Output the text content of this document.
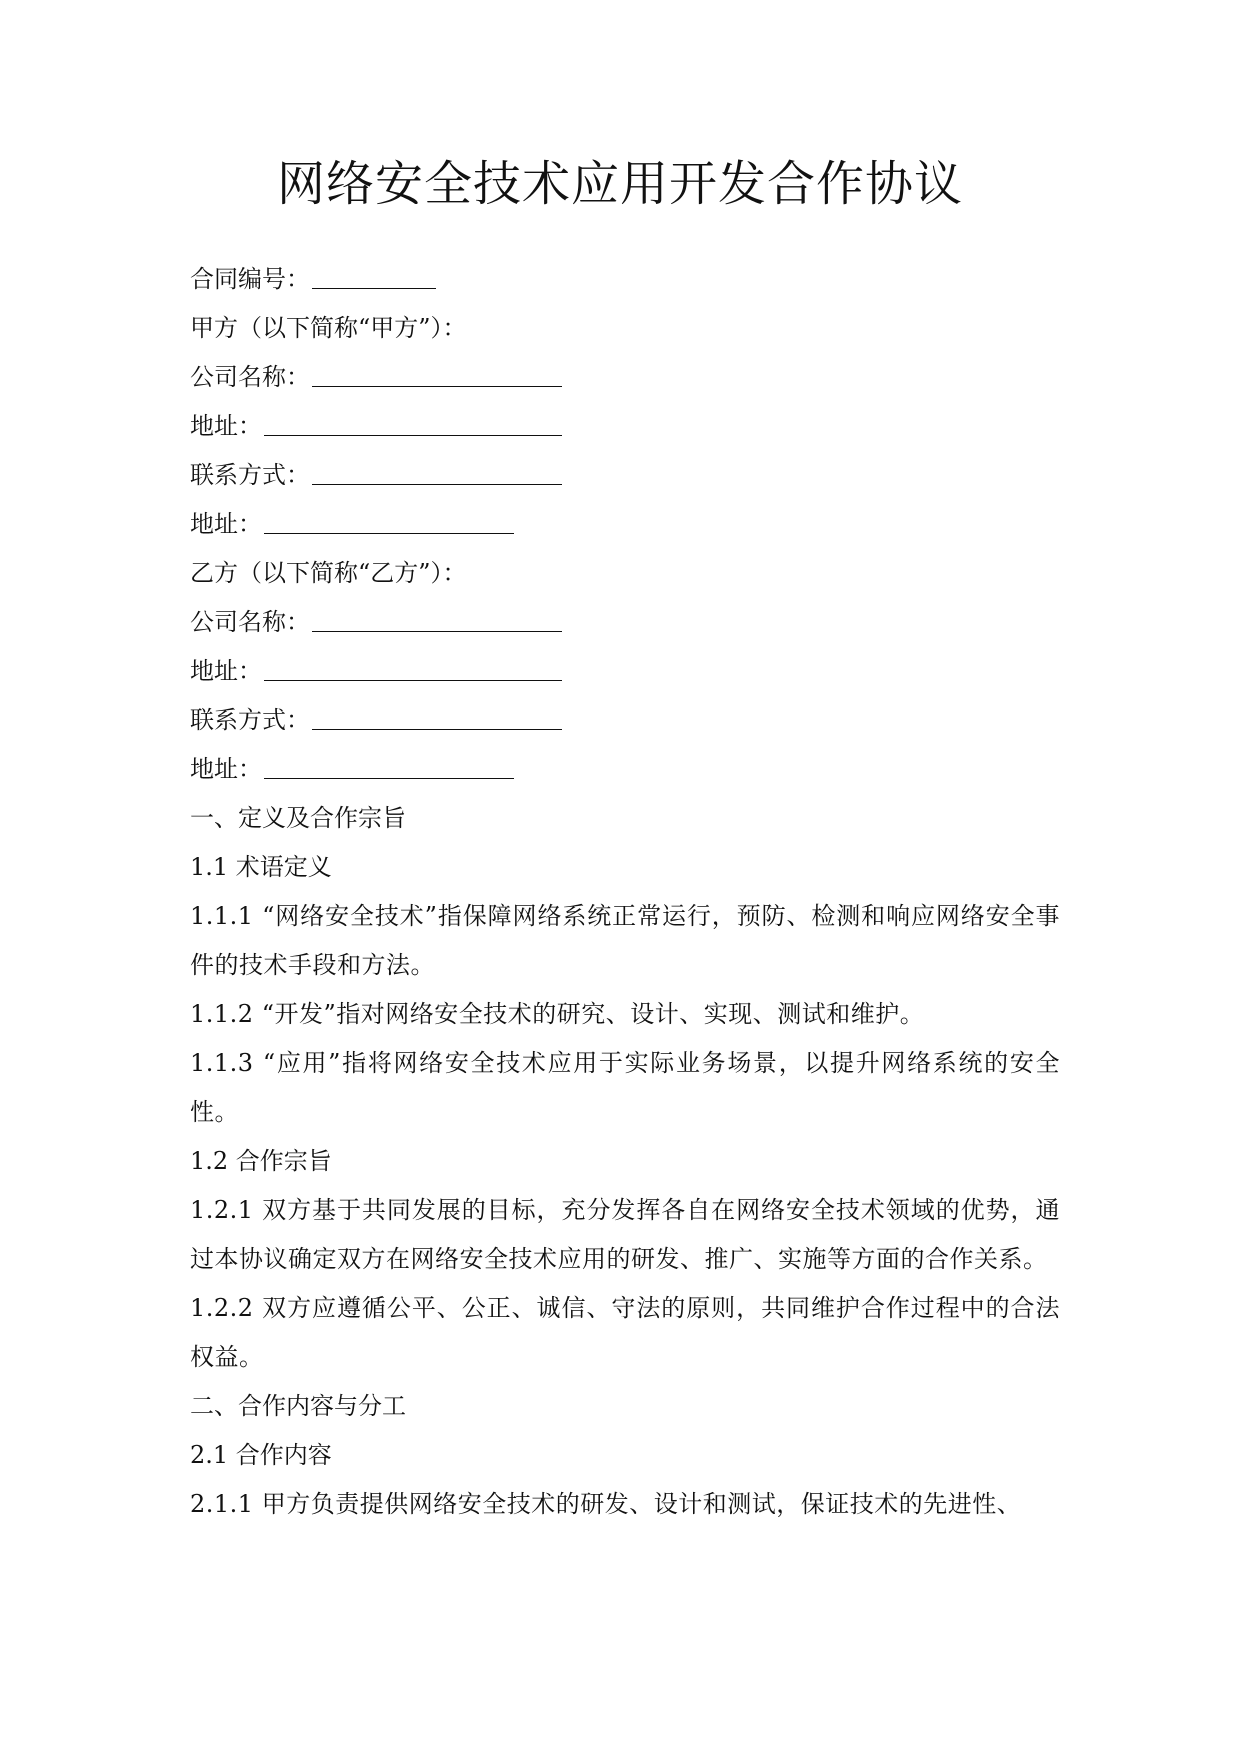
网络安全技术应用开发合作协议
合同编号：
甲方（以下简称“甲方”）：
公司名称：
地址：
联系方式：
地址：
乙方（以下简称“乙方”）：
公司名称：
地址：
联系方式：
地址：
一、定义及合作宗旨
1.1 术语定义
1.1.1 “网络安全技术”指保障网络系统正常运行，预防、检测和响应网络安全事件的技术手段和方法。
1.1.2 “开发”指对网络安全技术的研究、设计、实现、测试和维护。
1.1.3 “应用”指将网络安全技术应用于实际业务场景，以提升网络系统的安全性。
1.2 合作宗旨
1.2.1 双方基于共同发展的目标，充分发挥各自在网络安全技术领域的优势，通过本协议确定双方在网络安全技术应用的研发、推广、实施等方面的合作关系。
1.2.2 双方应遵循公平、公正、诚信、守法的原则，共同维护合作过程中的合法权益。
二、合作内容与分工
2.1 合作内容
2.1.1 甲方负责提供网络安全技术的研发、设计和测试，保证技术的先进性、
